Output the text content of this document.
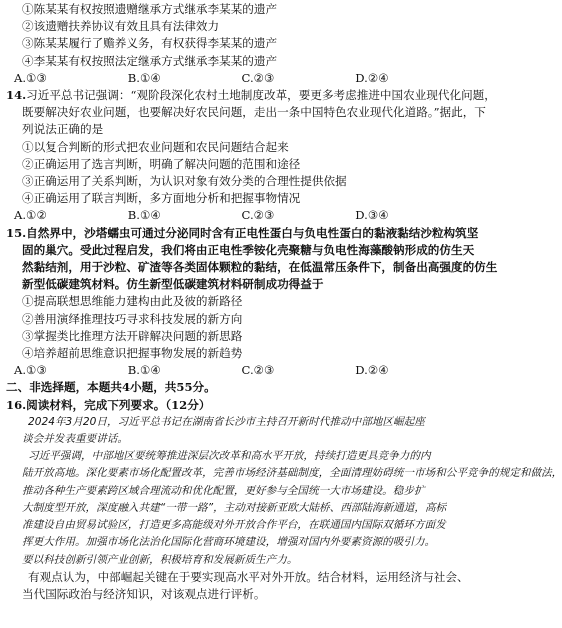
①陈某某有权按照遗赠继承方式继承李某某的遗产
②该遗赠扶养协议有效且具有法律效力
③陈某某履行了赡养义务，有权获得李某某的遗产
④李某某有权按照法定继承方式继承李某某的遗产
A.①③	B.①④	C.②③	D.②④
14.习近平总书记强调：“观阶段深化农村土地制度改革，要更多考虑推进中国农业现代化问题，
既要解决好农业问题，也要解决好农民问题，走出一条中国特色农业现代化道路。”据此，下
列说法正确的是
①以复合判断的形式把农业问题和农民问题结合起来
②正确运用了选言判断，明确了解决问题的范围和途径
③正确运用了关系判断，为认识对象有效分类的合理性提供依据
④正确运用了联言判断，多方面地分析和把握事物情况
A.①②	B.①④	C.②③	D.③④
15.自然界中，沙塔蠕虫可通过分泌同时含有正电性蛋白与负电性蛋白的黏液黏结沙粒构筑坚
固的巢穴。受此过程启发，我们将由正电性季铵化壳聚糖与负电性海藻酸钠形成的仿生天
然黏结剂，用于沙粒、矿渣等各类固体颗粒的黏结，在低温常压条件下，制备出高强度的仿生
新型低碳建筑材料。仿生新型低碳建筑材料研制成功得益于
①提高联想思维能力建构由此及彼的新路径
②善用演绎推理技巧寻求科技发展的新方向
③掌握类比推理方法开辟解决问题的新思路
④培养超前思维意识把握事物发展的新趋势
A.①③	B.①④	C.②③	D.②④
二、非选择题，本题共4小题，共55分。
16.阅读材料，完成下列要求。（12分）
2024年3月20日，习近平总书记在湖南省长沙市主持召开新时代推动中部地区崛起座
谈会并发表重要讲话。
习近平强调，中部地区要统筹推进深层次改革和高水平开放，持续打造更具竞争力的内
陆开放高地。深化要素市场化配置改革，完善市场经济基础制度，全面清理妨碍统一市场和公平竞争的规定和做法，
推动各种生产要素跨区域合理流动和优化配置，更好参与全国统一大市场建设。稳步扩
大制度型开放，深度融入共建“一带一路”，主动对接新亚欧大陆桥、西部陆海新通道，高标
准建设自由贸易试验区，打造更多高能级对外开放合作平台，在联通国内国际双循环方面发
挥更大作用。加强市场化法治化国际化营商环境建设，增强对国内外要素资源的吸引力。
要以科技创新引领产业创新，积极培育和发展新质生产力。
有观点认为，中部崛起关键在于要实现高水平对外开放。结合材料，运用经济与社会、
当代国际政治与经济知识，对该观点进行评析。
